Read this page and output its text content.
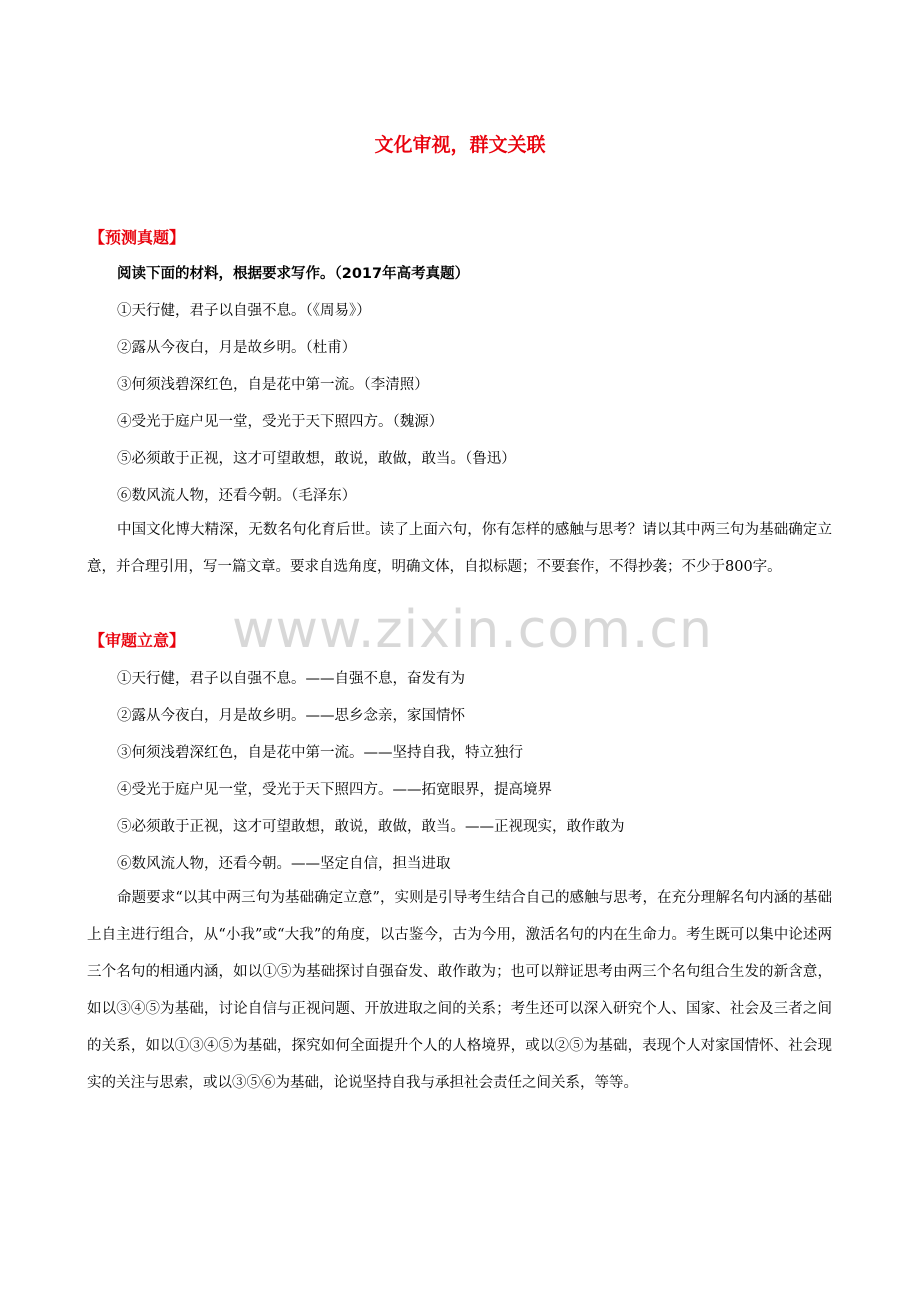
www.zixin.com.cn
文化审视，群文关联
【预测真题】
阅读下面的材料，根据要求写作。（2017年高考真题）
①天行健，君子以自强不息。（《周易》）
②露从今夜白，月是故乡明。（杜甫）
③何须浅碧深红色，自是花中第一流。（李清照）
④受光于庭户见一堂，受光于天下照四方。（魏源）
⑤必须敢于正视，这才可望敢想，敢说，敢做，敢当。（鲁迅）
⑥数风流人物，还看今朝。（毛泽东）
中国文化博大精深，无数名句化育后世。读了上面六句，你有怎样的感触与思考？请以其中两三句为基础确定立意，并合理引用，写一篇文章。要求自选角度，明确文体，自拟标题；不要套作，不得抄袭；不少于800字。
【审题立意】
①天行健，君子以自强不息。——自强不息，奋发有为
②露从今夜白，月是故乡明。——思乡念亲，家国情怀
③何须浅碧深红色，自是花中第一流。——坚持自我，特立独行
④受光于庭户见一堂，受光于天下照四方。——拓宽眼界，提高境界
⑤必须敢于正视，这才可望敢想，敢说，敢做，敢当。——正视现实，敢作敢为
⑥数风流人物，还看今朝。——坚定自信，担当进取
命题要求“以其中两三句为基础确定立意”，实则是引导考生结合自己的感触与思考，在充分理解名句内涵的基础上自主进行组合，从“小我”或“大我”的角度，以古鉴今，古为今用，激活名句的内在生命力。考生既可以集中论述两三个名句的相通内涵，如以①⑤为基础探讨自强奋发、敢作敢为；也可以辩证思考由两三个名句组合生发的新含意，如以③④⑤为基础，讨论自信与正视问题、开放进取之间的关系；考生还可以深入研究个人、国家、社会及三者之间的关系，如以①③④⑤为基础，探究如何全面提升个人的人格境界，或以②⑤为基础，表现个人对家国情怀、社会现实的关注与思索，或以③⑤⑥为基础，论说坚持自我与承担社会责任之间关系，等等。
